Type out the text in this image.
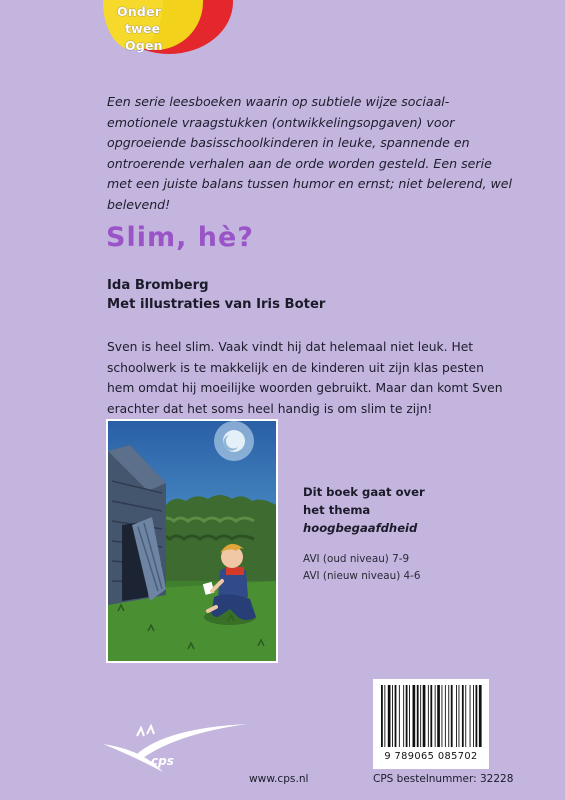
Onder
twee
Ogen

Een serie leesboeken waarin op subtiele wijze sociaal-emotionele vraagstukken (ontwikkelingsopgaven) voor opgroeiende basisschoolkinderen in leuke, spannende en ontroerende verhalen aan de orde worden gesteld. Een serie met een juiste balans tussen humor en ernst; niet belerend, wel belevend!

Slim, hè?

Ida Bromberg
Met illustraties van Iris Boter

Sven is heel slim. Vaak vindt hij dat helemaal niet leuk. Het schoolwerk is te makkelijk en de kinderen uit zijn klas pesten hem omdat hij moeilijke woorden gebruikt. Maar dan komt Sven erachter dat het soms heel handig is om slim te zijn!

Dit boek gaat over
het thema
hoogbegaafdheid

AVI (oud niveau) 7-9
AVI (nieuw niveau) 4-6

9 789065 085702

CPS bestelnummer: 32228

cps

www.cps.nl
